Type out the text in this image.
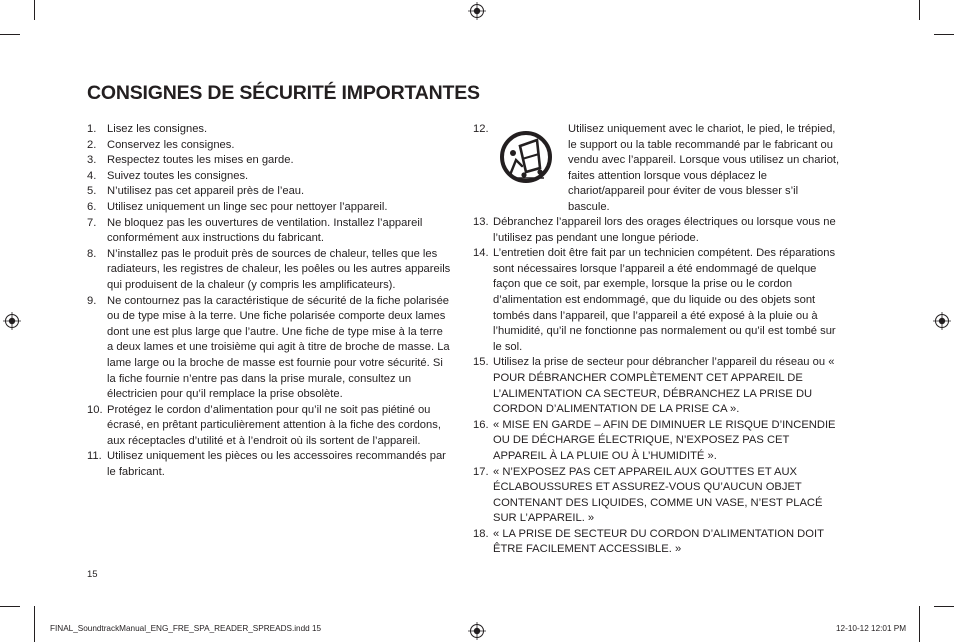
CONSIGNES DE SÉCURITÉ IMPORTANTES
1. Lisez les consignes.
2. Conservez les consignes.
3. Respectez toutes les mises en garde.
4. Suivez toutes les consignes.
5. N’utilisez pas cet appareil près de l’eau.
6. Utilisez uniquement un linge sec pour nettoyer l’appareil.
7. Ne bloquez pas les ouvertures de ventilation. Installez l’appareil conformément aux instructions du fabricant.
8. N’installez pas le produit près de sources de chaleur, telles que les radiateurs, les registres de chaleur, les poêles ou les autres appareils qui produisent de la chaleur (y compris les amplificateurs).
9. Ne contournez pas la caractéristique de sécurité de la fiche polarisée ou de type mise à la terre. Une fiche polarisée comporte deux lames dont une est plus large que l’autre. Une fiche de type mise à la terre a deux lames et une troisième qui agit à titre de broche de masse. La lame large ou la broche de masse est fournie pour votre sécurité. Si la fiche fournie n’entre pas dans la prise murale, consultez un électricien pour qu’il remplace la prise obsolète.
10. Protégez le cordon d’alimentation pour qu’il ne soit pas piétiné ou écrasé, en prêtant particulièrement attention à la fiche des cordons, aux réceptacles d’utilité et à l’endroit où ils sortent de l’appareil.
11. Utilisez uniquement les pièces ou les accessoires recommandés par le fabricant.
12.	Utilisez uniquement avec le chariot, le pied, le trépied, le support ou la table recommandé par le fabricant ou vendu avec l’appareil. Lorsque vous utilisez un chariot, faites attention lorsque vous déplacez le chariot/appareil pour éviter de vous blesser s’il bascule.
13. Débranchez l’appareil lors des orages électriques ou lorsque vous ne l’utilisez pas pendant une longue période.
14. L’entretien doit être fait par un technicien compétent. Des réparations sont nécessaires lorsque l’appareil a été endommagé de quelque façon que ce soit, par exemple, lorsque la prise ou le cordon d’alimentation est endommagé, que du liquide ou des objets sont tombés dans l’appareil, que l’appareil a été exposé à la pluie ou à l’humidité, qu’il ne fonctionne pas normalement ou qu’il est tombé sur le sol.
15. Utilisez la prise de secteur pour débrancher l’appareil du réseau ou « POUR DÉBRANCHER COMPLÈTEMENT CET APPAREIL DE L’ALIMENTATION CA SECTEUR, DÉBRANCHEZ LA PRISE DU CORDON D’ALIMENTATION DE LA PRISE CA ».
16. « MISE EN GARDE – AFIN DE DIMINUER LE RISQUE D’INCENDIE OU DE DÉCHARGE ÉLECTRIQUE, N’EXPOSEZ PAS CET APPAREIL À LA PLUIE OU À L’HUMIDITÉ ».
17. « N’EXPOSEZ PAS CET APPAREIL AUX GOUTTES ET AUX ÉCLABOUSSURES ET ASSUREZ-VOUS QU’AUCUN OBJET CONTENANT DES LIQUIDES, COMME UN VASE, N’EST PLACÉ SUR L’APPAREIL. »
18. « LA PRISE DE SECTEUR DU CORDON D’ALIMENTATION DOIT ÊTRE FACILEMENT ACCESSIBLE. »
15
FINAL_SoundtrackManual_ENG_FRE_SPA_READER_SPREADS.indd 15	12-10-12 12:01 PM
